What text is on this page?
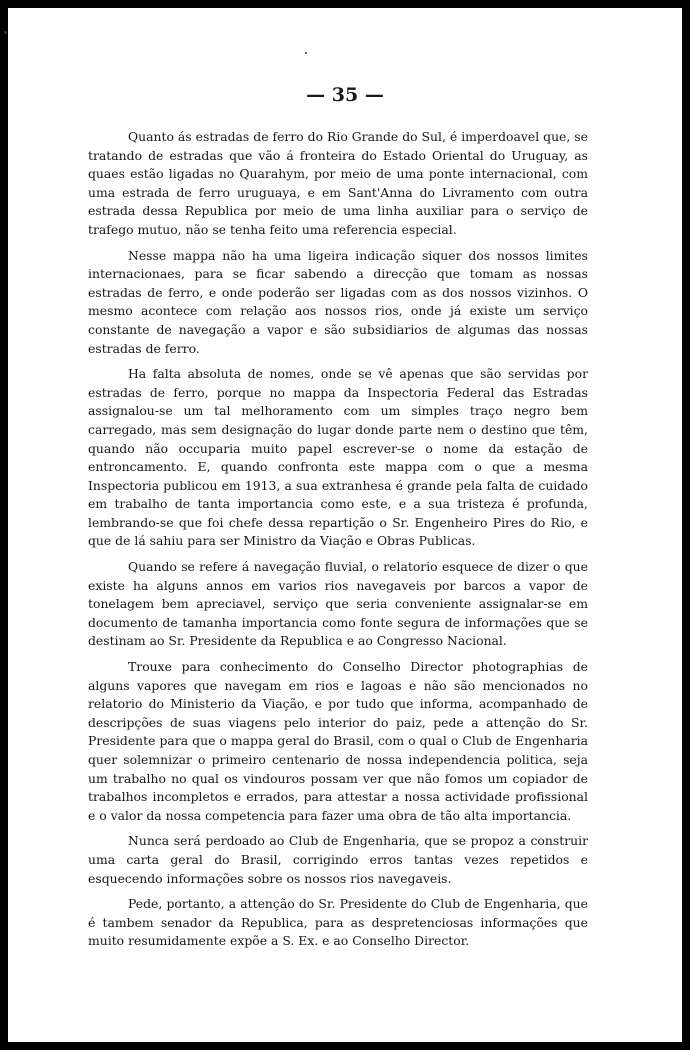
— 35 —

Quanto ás estradas de ferro do Rio Grande do Sul, é imperdoavel que, se tratando de estradas que vão á fronteira do Estado Oriental do Uruguay, as quaes estão ligadas no Quarahym, por meio de uma ponte internacional, com uma estrada de ferro uruguaya, e em Sant'Anna do Livramento com outra estrada dessa Republica por meio de uma linha auxiliar para o serviço de trafego mutuo, não se tenha feito uma referencia especial.

Nesse mappa não ha uma ligeira indicação siquer dos nossos limites internacionaes, para se ficar sabendo a direcção que tomam as nossas estradas de ferro, e onde poderão ser ligadas com as dos nossos vizinhos. O mesmo acontece com relação aos nossos rios, onde já existe um serviço constante de navegação a vapor e são subsidiarios de algumas das nossas estradas de ferro.

Ha falta absoluta de nomes, onde se vê apenas que são servidas por estradas de ferro, porque no mappa da Inspectoria Federal das Estradas assignalou-se um tal melhoramento com um simples traço negro bem carregado, mas sem designação do lugar donde parte nem o destino que têm, quando não occuparia muito papel escrever-se o nome da estação de entroncamento. E, quando confronta este mappa com o que a mesma Inspectoria publicou em 1913, a sua extranhesa é grande pela falta de cuidado em trabalho de tanta importancia como este, e a sua tristeza é profunda, lembrando-se que foi chefe dessa repartição o Sr. Engenheiro Pires do Rio, e que de lá sahiu para ser Ministro da Viação e Obras Publicas.

Quando se refere á navegação fluvial, o relatorio esquece de dizer o que existe ha alguns annos em varios rios navegaveis por barcos a vapor de tonelagem bem apreciavel, serviço que seria conveniente assignalar-se em documento de tamanha importancia como fonte segura de informações que se destinam ao Sr. Presidente da Republica e ao Congresso Nacional.

Trouxe para conhecimento do Conselho Director photographias de alguns vapores que navegam em rios e lagoas e não são mencionados no relatorio do Ministerio da Viação, e por tudo que informa, acompanhado de descripções de suas viagens pelo interior do paiz, pede a attenção do Sr. Presidente para que o mappa geral do Brasil, com o qual o Club de Engenharia quer solemnizar o primeiro centenario de nossa independencia politica, seja um trabalho no qual os vindouros possam ver que não fomos um copiador de trabalhos incompletos e errados, para attestar a nossa actividade profissional e o valor da nossa competencia para fazer uma obra de tão alta importancia.

Nunca será perdoado ao Club de Engenharia, que se propoz a construir uma carta geral do Brasil, corrigindo erros tantas vezes repetidos e esquecendo informações sobre os nossos rios navegaveis.

Pede, portanto, a attenção do Sr. Presidente do Club de Engenharia, que é tambem senador da Republica, para as despretenciosas informações que muito resumidamente expõe a S. Ex. e ao Conselho Director.
